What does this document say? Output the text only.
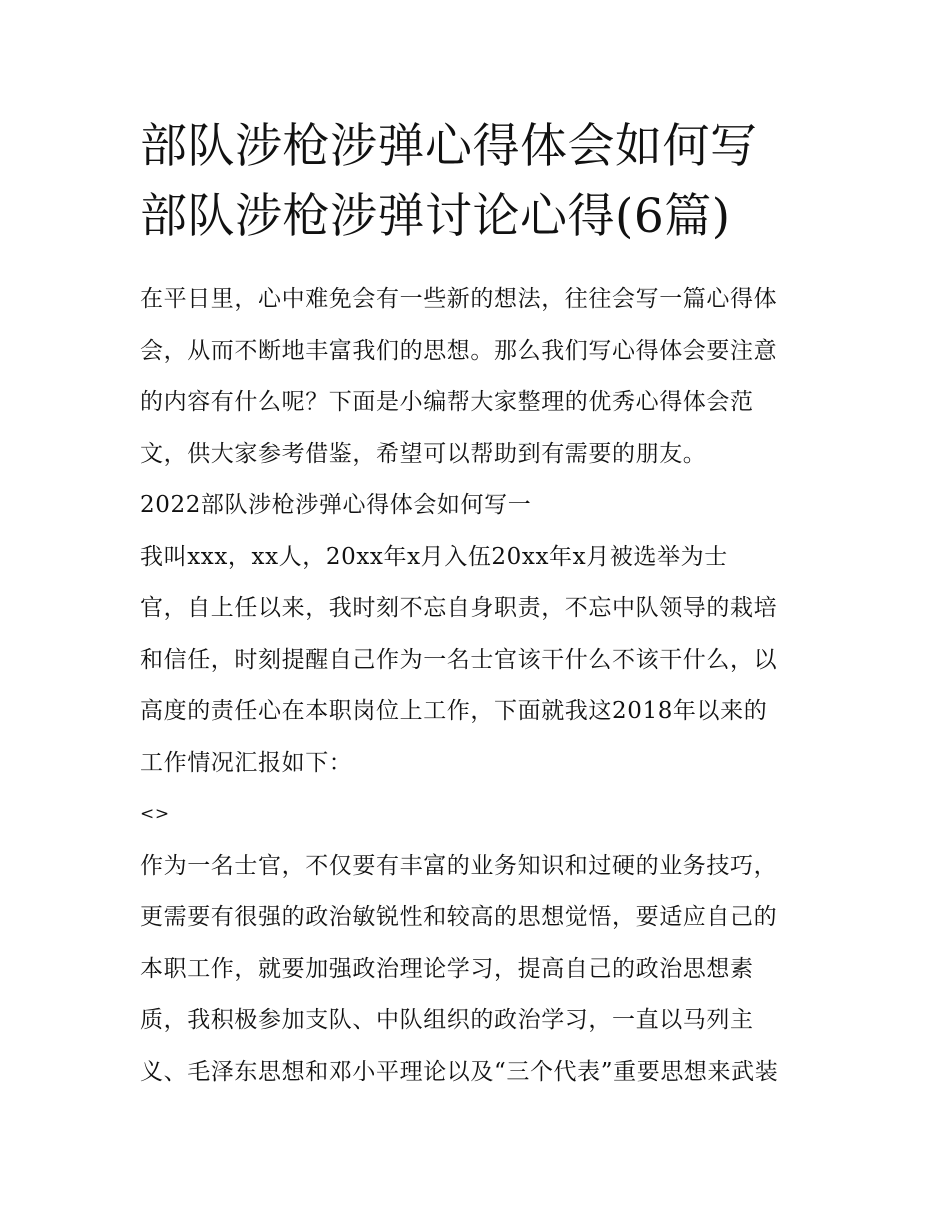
部队涉枪涉弹心得体会如何写
部队涉枪涉弹讨论心得(6篇)
在平日里，心中难免会有一些新的想法，往往会写一篇心得体
会，从而不断地丰富我们的思想。那么我们写心得体会要注意
的内容有什么呢？下面是小编帮大家整理的优秀心得体会范
文，供大家参考借鉴，希望可以帮助到有需要的朋友。
2022部队涉枪涉弹心得体会如何写一
我叫xxx，xx人，20xx年x月入伍20xx年x月被选举为士
官，自上任以来，我时刻不忘自身职责，不忘中队领导的栽培
和信任，时刻提醒自己作为一名士官该干什么不该干什么，以
高度的责任心在本职岗位上工作，下面就我这2018年以来的
工作情况汇报如下：
<>
作为一名士官，不仅要有丰富的业务知识和过硬的业务技巧，
更需要有很强的政治敏锐性和较高的思想觉悟，要适应自己的
本职工作，就要加强政治理论学习，提高自己的政治思想素
质，我积极参加支队、中队组织的政治学习，一直以马列主
义、毛泽东思想和邓小平理论以及“三个代表”重要思想来武装
